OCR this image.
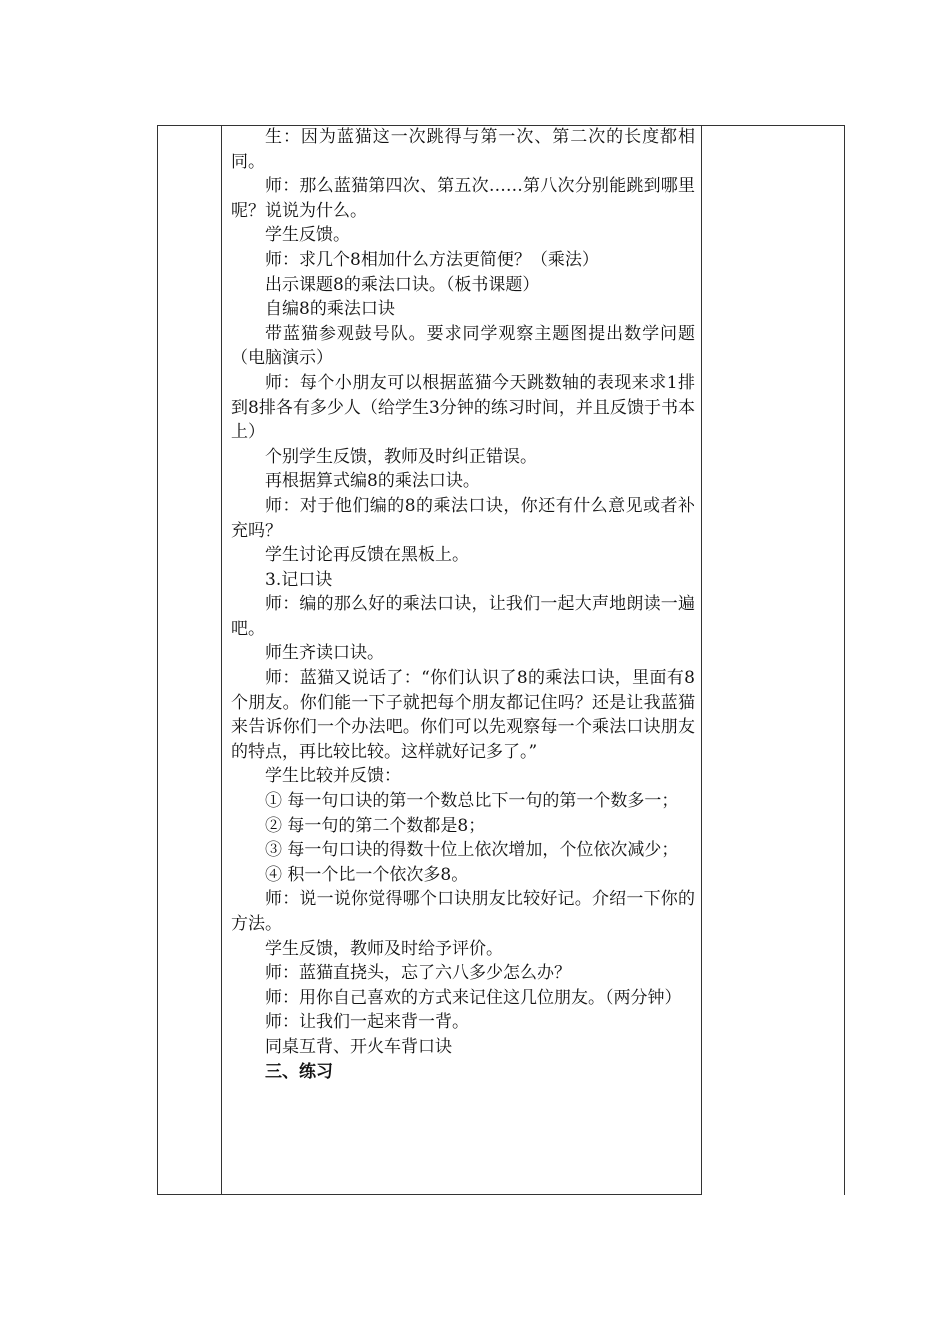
生：因为蓝猫这一次跳得与第一次、第二次的长度都相同。

师：那么蓝猫第四次、第五次……第八次分别能跳到哪里呢？说说为什么。

学生反馈。

师：求几个8相加什么方法更简便？（乘法）

出示课题8的乘法口诀。（板书课题）

自编8的乘法口诀

带蓝猫参观鼓号队。要求同学观察主题图提出数学问题（电脑演示）

师：每个小朋友可以根据蓝猫今天跳数轴的表现来求1排到8排各有多少人（给学生3分钟的练习时间，并且反馈于书本上）

个别学生反馈，教师及时纠正错误。

再根据算式编8的乘法口诀。

师：对于他们编的8的乘法口诀，你还有什么意见或者补充吗？

学生讨论再反馈在黑板上。

3.记口诀

师：编的那么好的乘法口诀，让我们一起大声地朗读一遍吧。

师生齐读口诀。

师：蓝猫又说话了：“你们认识了8的乘法口诀，里面有8个朋友。你们能一下子就把每个朋友都记住吗？还是让我蓝猫来告诉你们一个办法吧。你们可以先观察每一个乘法口诀朋友的特点，再比较比较。这样就好记多了。”

学生比较并反馈：

① 每一句口诀的第一个数总比下一句的第一个数多一；

② 每一句的第二个数都是8；

③ 每一句口诀的得数十位上依次增加，个位依次减少；

④ 积一个比一个依次多8。

师：说一说你觉得哪个口诀朋友比较好记。介绍一下你的方法。

学生反馈，教师及时给予评价。

师：蓝猫直挠头，忘了六八多少怎么办？

师：用你自己喜欢的方式来记住这几位朋友。（两分钟）

师：让我们一起来背一背。

同桌互背、开火车背口诀

三、练习
